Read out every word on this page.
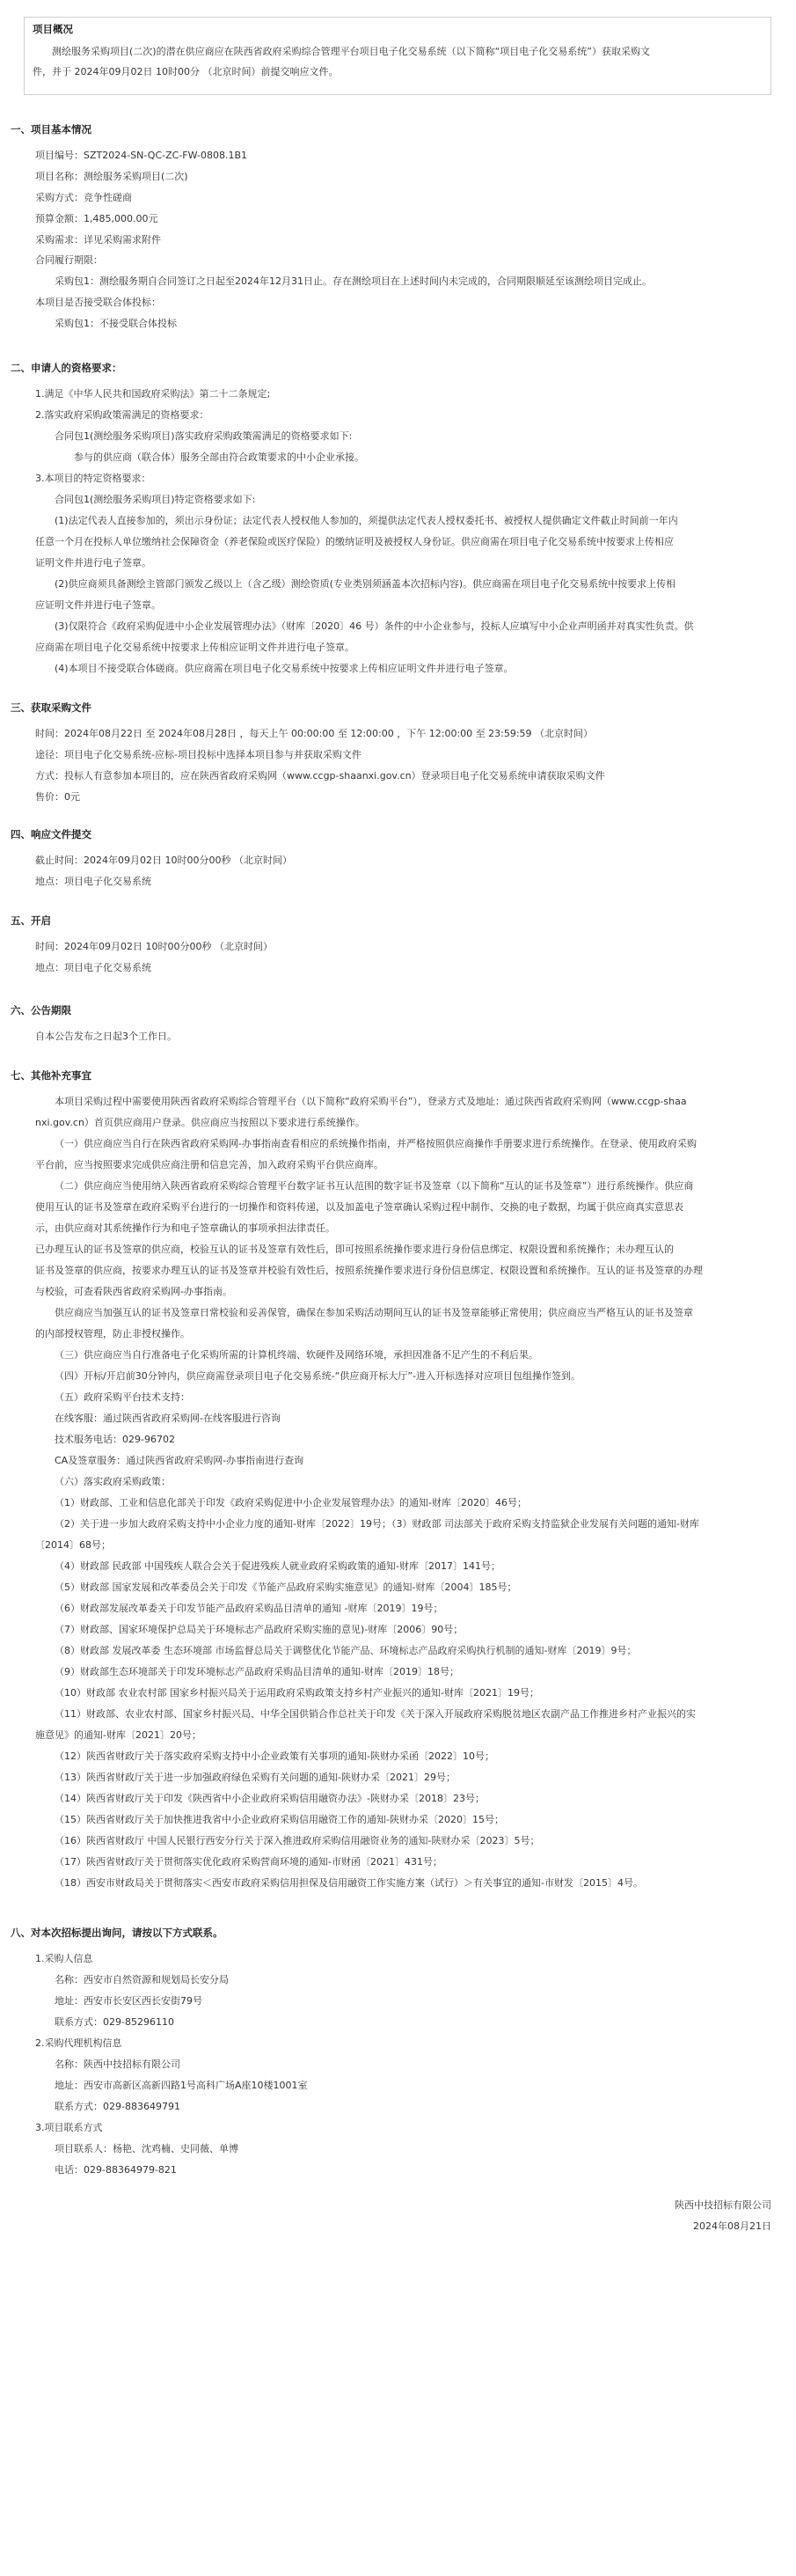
项目概况
测绘服务采购项目(二次)的潜在供应商应在陕西省政府采购综合管理平台项目电子化交易系统（以下简称“项目电子化交易系统”）获取采购文
件，并于 2024年09月02日 10时00分 （北京时间）前提交响应文件。
一、项目基本情况
项目编号：SZT2024-SN-QC-ZC-FW-0808.1B1
项目名称：测绘服务采购项目(二次)
采购方式：竞争性磋商
预算金额：1,485,000.00元
采购需求：详见采购需求附件
合同履行期限：
采购包1：测绘服务期自合同签订之日起至2024年12月31日止。存在测绘项目在上述时间内未完成的，合同期限顺延至该测绘项目完成止。
本项目是否接受联合体投标：
采购包1：不接受联合体投标
二、申请人的资格要求：
1.满足《中华人民共和国政府采购法》第二十二条规定;
2.落实政府采购政策需满足的资格要求：
合同包1(测绘服务采购项目)落实政府采购政策需满足的资格要求如下:
参与的供应商（联合体）服务全部由符合政策要求的中小企业承接。
3.本项目的特定资格要求：
合同包1(测绘服务采购项目)特定资格要求如下:
(1)法定代表人直接参加的，须出示身份证；法定代表人授权他人参加的，须提供法定代表人授权委托书、被授权人提供确定文件截止时间前一年内
任意一个月在投标人单位缴纳社会保障资金（养老保险或医疗保险）的缴纳证明及被授权人身份证。供应商需在项目电子化交易系统中按要求上传相应
证明文件并进行电子签章。
(2)供应商须具备测绘主管部门颁发乙级以上（含乙级）测绘资质(专业类别须涵盖本次招标内容)。供应商需在项目电子化交易系统中按要求上传相
应证明文件并进行电子签章。
(3)仅限符合《政府采购促进中小企业发展管理办法》（财库〔2020〕46 号）条件的中小企业参与，投标人应填写中小企业声明函并对真实性负责。供
应商需在项目电子化交易系统中按要求上传相应证明文件并进行电子签章。
(4)本项目不接受联合体磋商。供应商需在项目电子化交易系统中按要求上传相应证明文件并进行电子签章。
三、获取采购文件
时间：2024年08月22日 至 2024年08月28日 ，每天上午 00:00:00 至 12:00:00 ，下午 12:00:00 至 23:59:59 （北京时间）
途径：项目电子化交易系统-应标-项目投标中选择本项目参与并获取采购文件
方式：投标人有意参加本项目的，应在陕西省政府采购网（www.ccgp-shaanxi.gov.cn）登录项目电子化交易系统申请获取采购文件
售价：0元
四、响应文件提交
截止时间：2024年09月02日 10时00分00秒 （北京时间）
地点：项目电子化交易系统
五、开启
时间：2024年09月02日 10时00分00秒 （北京时间）
地点：项目电子化交易系统
六、公告期限
自本公告发布之日起3个工作日。
七、其他补充事宜
本项目采购过程中需要使用陕西省政府采购综合管理平台（以下简称“政府采购平台”），登录方式及地址：通过陕西省政府采购网（www.ccgp-shaa
nxi.gov.cn）首页供应商用户登录。供应商应当按照以下要求进行系统操作。
（一）供应商应当自行在陕西省政府采购网-办事指南查看相应的系统操作指南，并严格按照供应商操作手册要求进行系统操作。在登录、使用政府采购
平台前，应当按照要求完成供应商注册和信息完善，加入政府采购平台供应商库。
（二）供应商应当使用纳入陕西省政府采购综合管理平台数字证书互认范围的数字证书及签章（以下简称“互认的证书及签章”）进行系统操作。供应商
使用互认的证书及签章在政府采购平台进行的一切操作和资料传递，以及加盖电子签章确认采购过程中制作、交换的电子数据，均属于供应商真实意思表
示，由供应商对其系统操作行为和电子签章确认的事项承担法律责任。
已办理互认的证书及签章的供应商，校验互认的证书及签章有效性后，即可按照系统操作要求进行身份信息绑定、权限设置和系统操作；未办理互认的
证书及签章的供应商，按要求办理互认的证书及签章并校验有效性后，按照系统操作要求进行身份信息绑定、权限设置和系统操作。互认的证书及签章的办理
与校验，可查看陕西省政府采购网-办事指南。
供应商应当加强互认的证书及签章日常校验和妥善保管，确保在参加采购活动期间互认的证书及签章能够正常使用；供应商应当严格互认的证书及签章
的内部授权管理，防止非授权操作。
（三）供应商应当自行准备电子化采购所需的计算机终端、软硬件及网络环境，承担因准备不足产生的不利后果。
（四）开标/开启前30分钟内，供应商需登录项目电子化交易系统-“供应商开标大厅”-进入开标选择对应项目包组操作签到。
（五）政府采购平台技术支持：
在线客服：通过陕西省政府采购网-在线客服进行咨询
技术服务电话：029-96702
CA及签章服务：通过陕西省政府采购网-办事指南进行查询
（六）落实政府采购政策：
（1）财政部、工业和信息化部关于印发《政府采购促进中小企业发展管理办法》的通知-财库〔2020〕46号；
（2）关于进一步加大政府采购支持中小企业力度的通知-财库〔2022〕19号；（3）财政部 司法部关于政府采购支持监狱企业发展有关问题的通知-财库
〔2014〕68号；
（4）财政部 民政部 中国残疾人联合会关于促进残疾人就业政府采购政策的通知-财库〔2017〕141号；
（5）财政部 国家发展和改革委员会关于印发《节能产品政府采购实施意见》的通知-财库〔2004〕185号；
（6）财政部发展改革委关于印发节能产品政府采购品目清单的通知 -财库〔2019〕19号；
（7）财政部、国家环境保护总局关于环境标志产品政府采购实施的意见)-财库〔2006〕90号；
（8）财政部 发展改革委 生态环境部 市场监督总局关于调整优化节能产品、环境标志产品政府采购执行机制的通知-财库〔2019〕9号；
（9）财政部生态环境部关于印发环境标志产品政府采购品目清单的通知-财库〔2019〕18号；
（10）财政部 农业农村部 国家乡村振兴局关于运用政府采购政策支持乡村产业振兴的通知-财库〔2021〕19号；
（11）财政部、农业农村部、国家乡村振兴局、中华全国供销合作总社关于印发《关于深入开展政府采购脱贫地区农副产品工作推进乡村产业振兴的实
施意见》的通知-财库〔2021〕20号；
（12）陕西省财政厅关于落实政府采购支持中小企业政策有关事项的通知-陕财办采函〔2022〕10号；
（13）陕西省财政厅关于进一步加强政府绿色采购有关问题的通知-陕财办采〔2021〕29号；
（14）陕西省财政厅关于印发《陕西省中小企业政府采购信用融资办法》-陕财办采〔2018〕23号；
（15）陕西省财政厅关于加快推进我省中小企业政府采购信用融资工作的通知-陕财办采〔2020〕15号；
（16）陕西省财政厅 中国人民银行西安分行关于深入推进政府采购信用融资业务的通知-陕财办采〔2023〕5号；
（17）陕西省财政厅关于贯彻落实优化政府采购营商环境的通知-市财函〔2021〕431号；
（18）西安市财政局关于贯彻落实＜西安市政府采购信用担保及信用融资工作实施方案（试行）＞有关事宜的通知-市财发〔2015〕4号。
八、对本次招标提出询问，请按以下方式联系。
1.采购人信息
名称：西安市自然资源和规划局长安分局
地址：西安市长安区西长安街79号
联系方式：029-85296110
2.采购代理机构信息
名称：陕西中技招标有限公司
地址：西安市高新区高新四路1号高科广场A座10楼1001室
联系方式：029-883649791
3.项目联系方式
项目联系人：杨艳、沈鸡楠、史同薇、单博
电话：029-88364979-821
陕西中技招标有限公司
2024年08月21日
